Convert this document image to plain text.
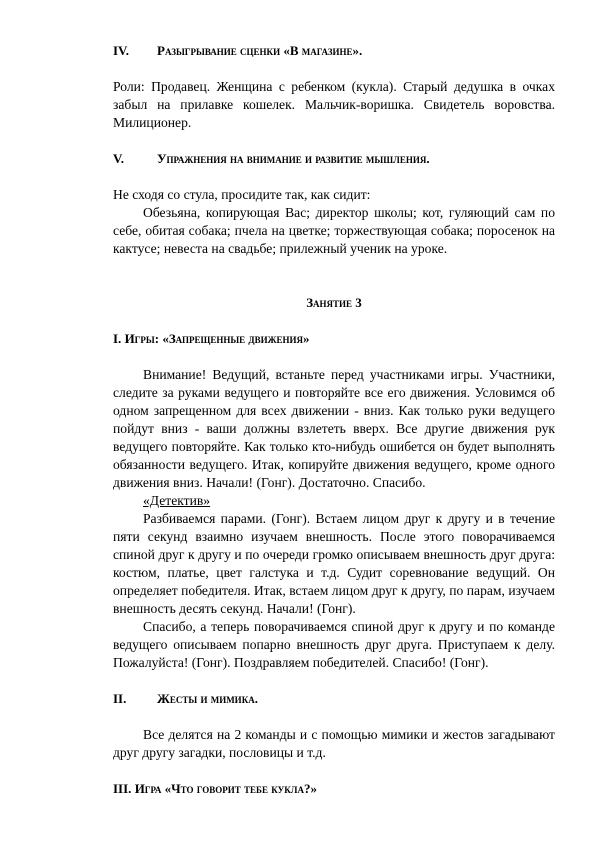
IV.	Разыгрывание сценки «В магазине».

Роли: Продавец. Женщина с ребенком (кукла). Старый дедушка в очках забыл на прилавке кошелек. Мальчик-воришка. Свидетель воровства. Милиционер.

V.	Упражнения на внимание и развитие мышления.

Не сходя со стула, просидите так, как сидит:

Обезьяна, копирующая Вас; директор школы; кот, гуляющий сам по себе, обитая собака; пчела на цветке; торжествующая собака; поросенок на кактусе; невеста на свадьбе; прилежный ученик на уроке.

Занятие 3
I.
Игры: «Запрещенные движения»

Внимание! Ведущий, встаньте перед участниками игры. Участники, следите за руками ведущего и повторяйте все его движения. Условимся об одном запрещенном для всех движении - вниз. Как только руки ведущего пойдут вниз - ваши должны взлететь вверх. Все другие движения рук ведущего повторяйте. Как только кто-нибудь ошибется он будет выполнять обязанности ведущего. Итак, копируйте движения ведущего, кроме одного движения вниз. Начали! (Гонг). Достаточно. Спасибо.

«Детектив»

Разбиваемся парами. (Гонг). Встаем лицом друг к другу и в течение пяти секунд взаимно изучаем внешность. После этого поворачиваемся спиной друг к другу и по очереди громко описываем внешность друг друга: костюм, платье, цвет галстука и т.д. Судит соревнование ведущий. Он определяет победителя. Итак, встаем лицом друг к другу, по парам, изучаем внешность десять секунд. Начали! (Гонг).

Спасибо, а теперь поворачиваемся спиной друг к другу и по команде ведущего описываем попарно внешность друг друга. Приступаем к делу. Пожалуйста! (Гонг). Поздравляем победителей. Спасибо! (Гонг).

II.	Жесты и мимика.

Все делятся на 2 команды и с помощью мимики и жестов загадывают друг другу загадки, пословицы и т.д.

III.
Игра «Что говорит тебе кукла?»
